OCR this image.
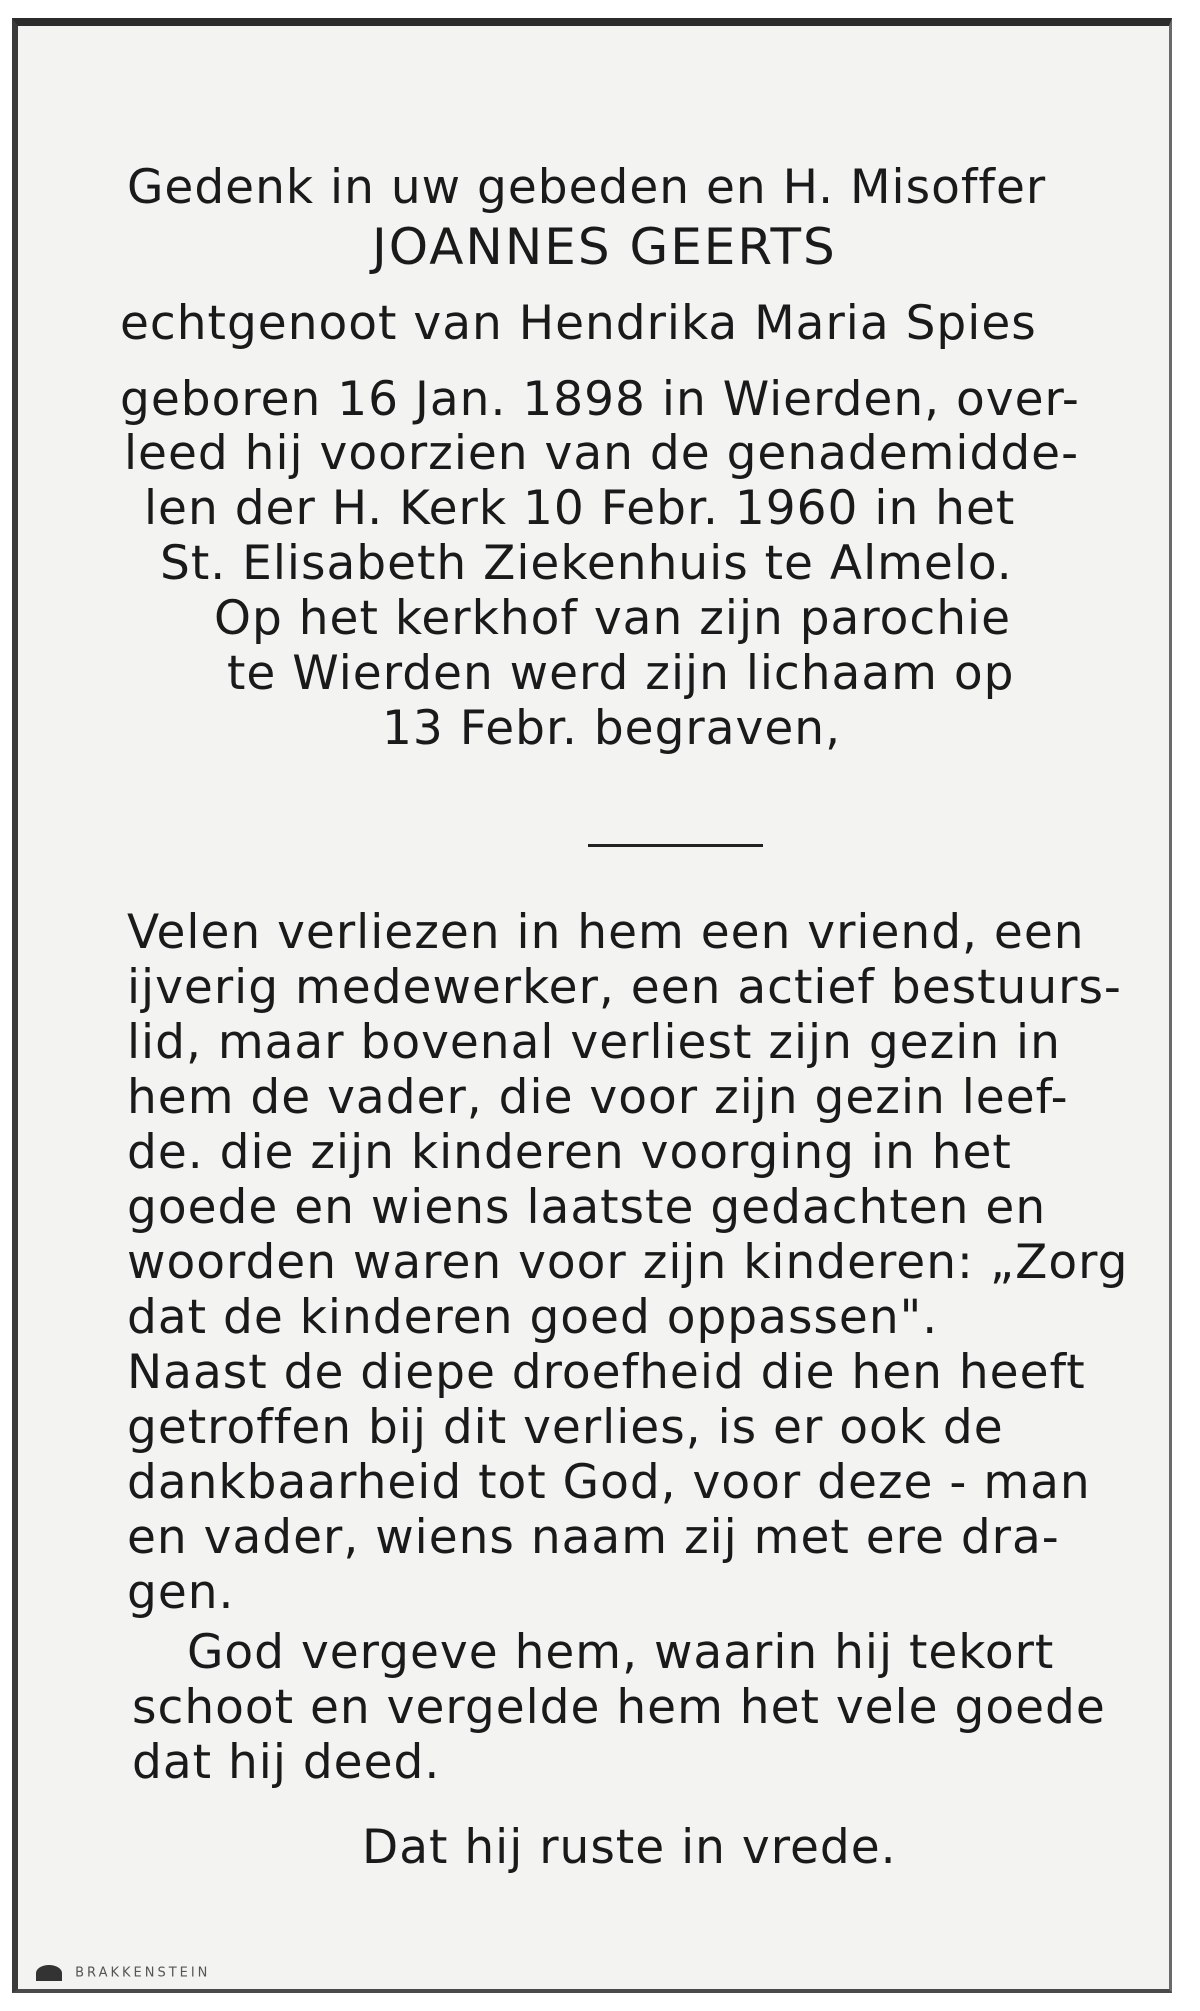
Gedenk in uw gebeden en H. Misoffer
JOANNES GEERTS
echtgenoot van Hendrika Maria Spies
geboren 16 Jan. 1898 in Wierden, over-
leed hij voorzien van de genademidde-
len der H. Kerk 10 Febr. 1960 in het
St. Elisabeth Ziekenhuis te Almelo.
Op het kerkhof van zijn parochie
te Wierden werd zijn lichaam op
13 Febr. begraven,
Velen verliezen in hem een vriend, een
ijverig medewerker, een actief bestuurs-
lid, maar bovenal verliest zijn gezin in
hem de vader, die voor zijn gezin leef-
de. die zijn kinderen voorging in het
goede en wiens laatste gedachten en
woorden waren voor zijn kinderen: „Zorg
dat de kinderen goed oppassen".
Naast de diepe droefheid die hen heeft
getroffen bij dit verlies, is er ook de
dankbaarheid tot God, voor deze - man
en vader, wiens naam zij met ere dra-
gen.
God vergeve hem, waarin hij tekort
schoot en vergelde hem het vele goede
dat hij deed.
Dat hij ruste in vrede.
BRAKKENSTEIN
